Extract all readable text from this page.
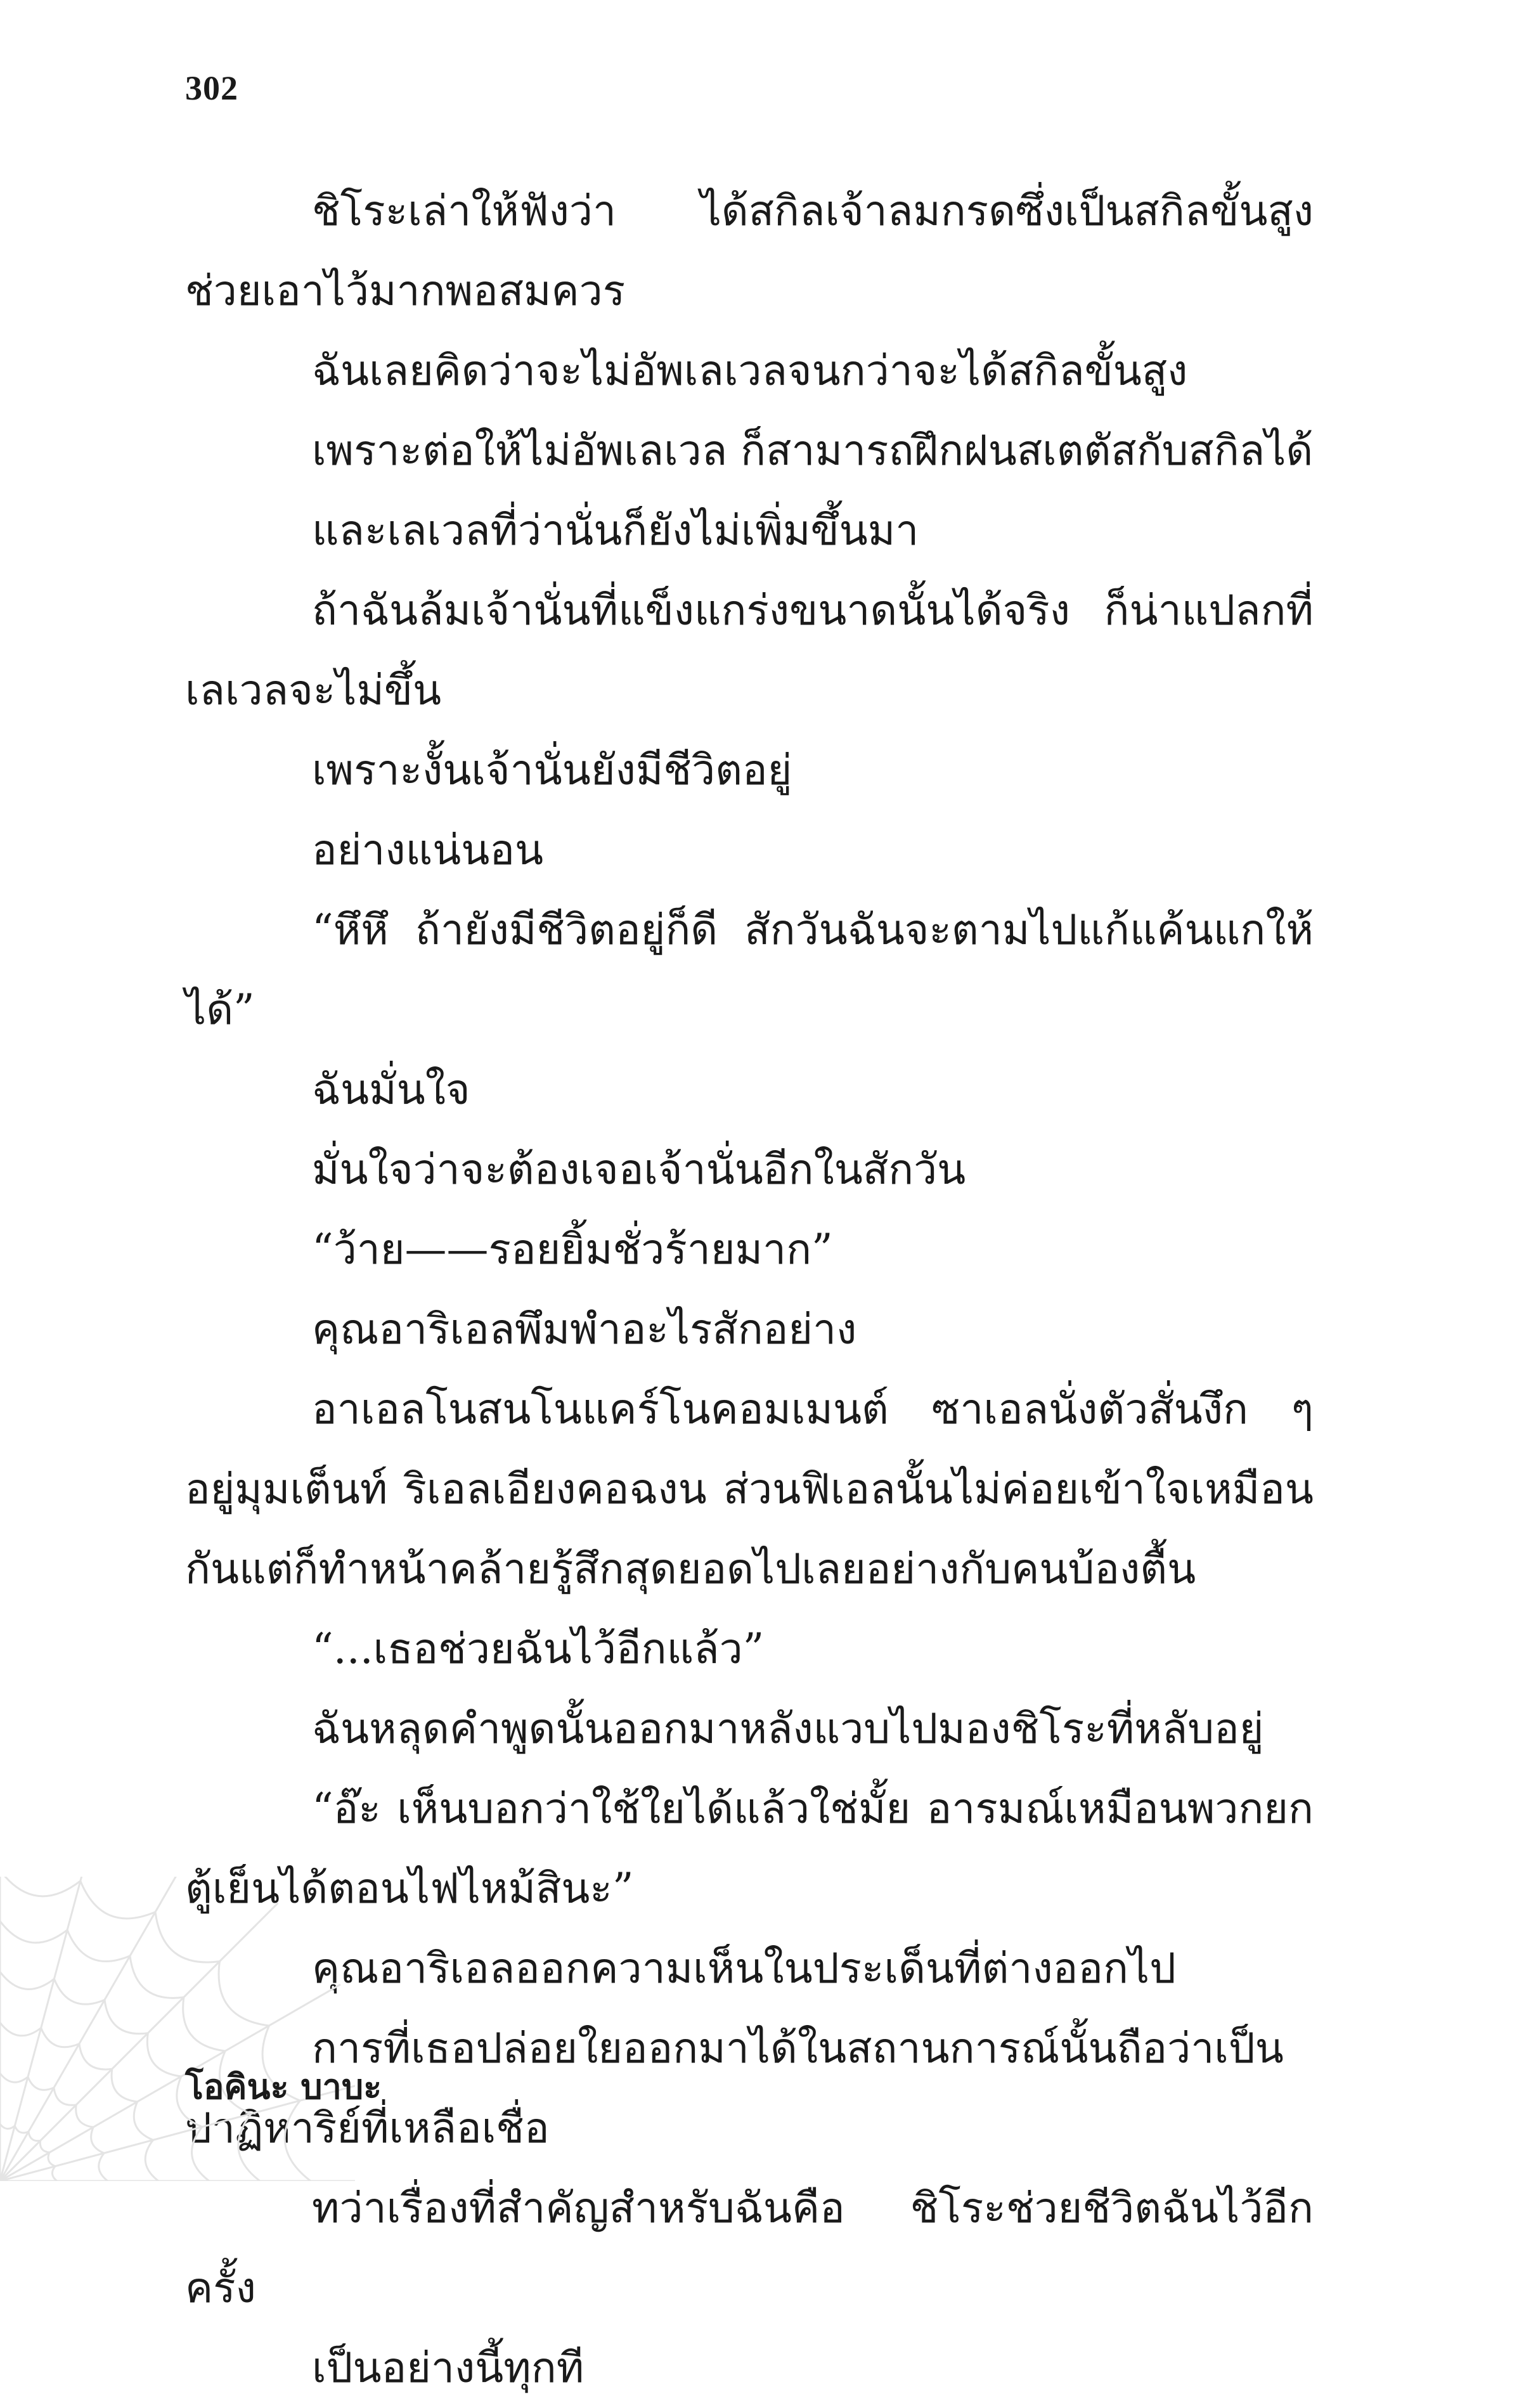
302

ชิโระเล่าให้ฟังว่า ได้สกิลเจ้าลมกรดซึ่งเป็นสกิลขั้นสูงช่วยเอาไว้มากพอสมควร

ฉันเลยคิดว่าจะไม่อัพเลเวลจนกว่าจะได้สกิลขั้นสูง

เพราะต่อให้ไม่อัพเลเวล ก็สามารถฝึกฝนสเตตัสกับสกิลได้

และเลเวลที่ว่านั่นก็ยังไม่เพิ่มขึ้นมา

ถ้าฉันล้มเจ้านั่นที่แข็งแกร่งขนาดนั้นได้จริง ก็น่าแปลกที่เลเวลจะไม่ขึ้น

เพราะงั้นเจ้านั่นยังมีชีวิตอยู่

อย่างแน่นอน

“หึหึ ถ้ายังมีชีวิตอยู่ก็ดี สักวันฉันจะตามไปแก้แค้นแกให้ได้”

ฉันมั่นใจ

มั่นใจว่าจะต้องเจอเจ้านั่นอีกในสักวัน

“ว้าย——รอยยิ้มชั่วร้ายมาก”

คุณอาริเอลพึมพำอะไรสักอย่าง

อาเอลโนสนโนแคร์โนคอมเมนต์ ซาเอลนั่งตัวสั่นงึก ๆ อยู่มุมเต็นท์ ริเอลเอียงคอฉงน ส่วนฟิเอลนั้นไม่ค่อยเข้าใจเหมือนกันแต่ก็ทำหน้าคล้ายรู้สึกสุดยอดไปเลยอย่างกับคนบ้องตื้น

“...เธอช่วยฉันไว้อีกแล้ว”

ฉันหลุดคำพูดนั้นออกมาหลังแวบไปมองชิโระที่หลับอยู่

“อ๊ะ เห็นบอกว่าใช้ใยได้แล้วใช่มั้ย อารมณ์เหมือนพวกยกตู้เย็นได้ตอนไฟไหม้สินะ”

คุณอาริเอลออกความเห็นในประเด็นที่ต่างออกไป

การที่เธอปล่อยใยออกมาได้ในสถานการณ์นั้นถือว่าเป็นปาฏิหาริย์ที่เหลือเชื่อ

ทว่าเรื่องที่สำคัญสำหรับฉันคือ ชิโระช่วยชีวิตฉันไว้อีกครั้ง

เป็นอย่างนี้ทุกที

โอคินะ บาบะ
